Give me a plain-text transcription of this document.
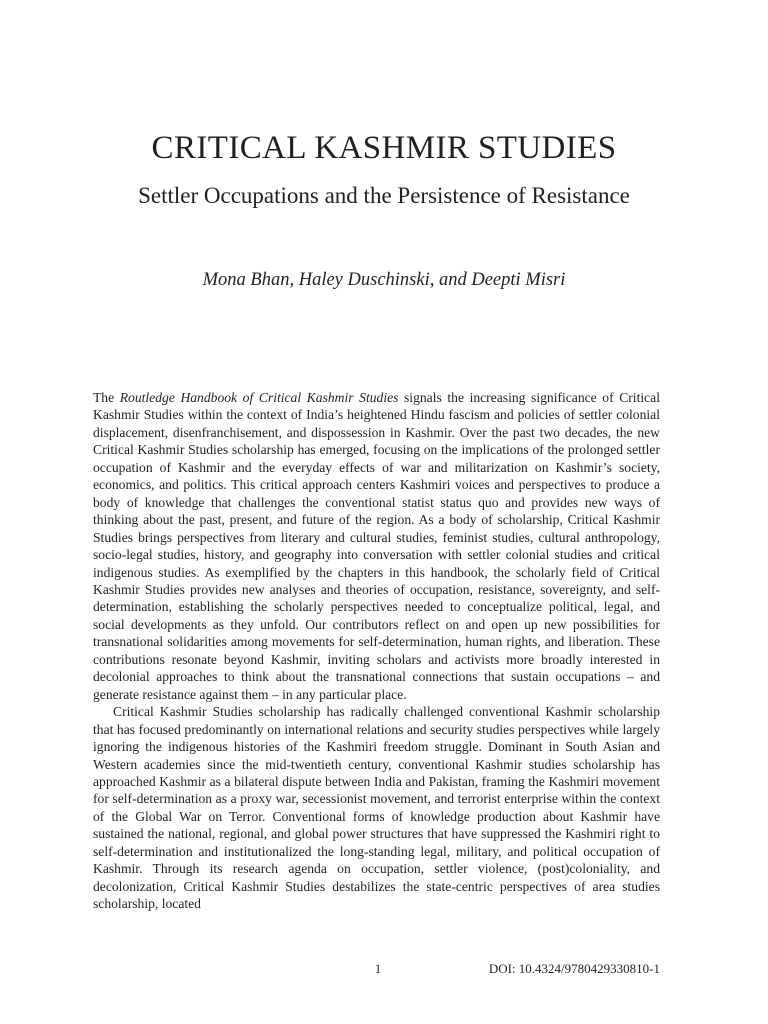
CRITICAL KASHMIR STUDIES
Settler Occupations and the Persistence of Resistance
Mona Bhan, Haley Duschinski, and Deepti Misri

The Routledge Handbook of Critical Kashmir Studies signals the increasing significance of Critical Kashmir Studies within the context of India’s heightened Hindu fascism and policies of settler colonial displacement, disenfranchisement, and dispossession in Kashmir. Over the past two decades, the new Critical Kashmir Studies scholarship has emerged, focusing on the implications of the prolonged settler occupation of Kashmir and the everyday effects of war and militarization on Kashmir’s society, economics, and politics. This critical approach centers Kashmiri voices and perspectives to produce a body of knowledge that challenges the conventional statist status quo and provides new ways of thinking about the past, present, and future of the region. As a body of scholarship, Critical Kashmir Studies brings perspectives from literary and cultural studies, feminist studies, cultural anthropology, socio-legal studies, history, and geography into conversation with settler colonial studies and critical indigenous studies. As exemplified by the chapters in this handbook, the scholarly field of Critical Kashmir Studies provides new analyses and theories of occupation, resistance, sovereignty, and self-determination, establishing the scholarly perspectives needed to conceptualize political, legal, and social developments as they unfold. Our contributors reflect on and open up new possibilities for transnational solidarities among movements for self-determination, human rights, and liberation. These contributions resonate beyond Kashmir, inviting scholars and activists more broadly interested in decolonial approaches to think about the transnational connections that sustain occupations – and generate resistance against them – in any particular place.

Critical Kashmir Studies scholarship has radically challenged conventional Kashmir scholarship that has focused predominantly on international relations and security studies perspectives while largely ignoring the indigenous histories of the Kashmiri freedom struggle. Dominant in South Asian and Western academies since the mid-twentieth century, conventional Kashmir studies scholarship has approached Kashmir as a bilateral dispute between India and Pakistan, framing the Kashmiri movement for self-determination as a proxy war, secessionist movement, and terrorist enterprise within the context of the Global War on Terror. Conventional forms of knowledge production about Kashmir have sustained the national, regional, and global power structures that have suppressed the Kashmiri right to self-determination and institutionalized the long-standing legal, military, and political occupation of Kashmir. Through its research agenda on occupation, settler violence, (post)coloniality, and decolonization, Critical Kashmir Studies destabilizes the state-centric perspectives of area studies scholarship, located

1	DOI: 10.4324/9780429330810-1
